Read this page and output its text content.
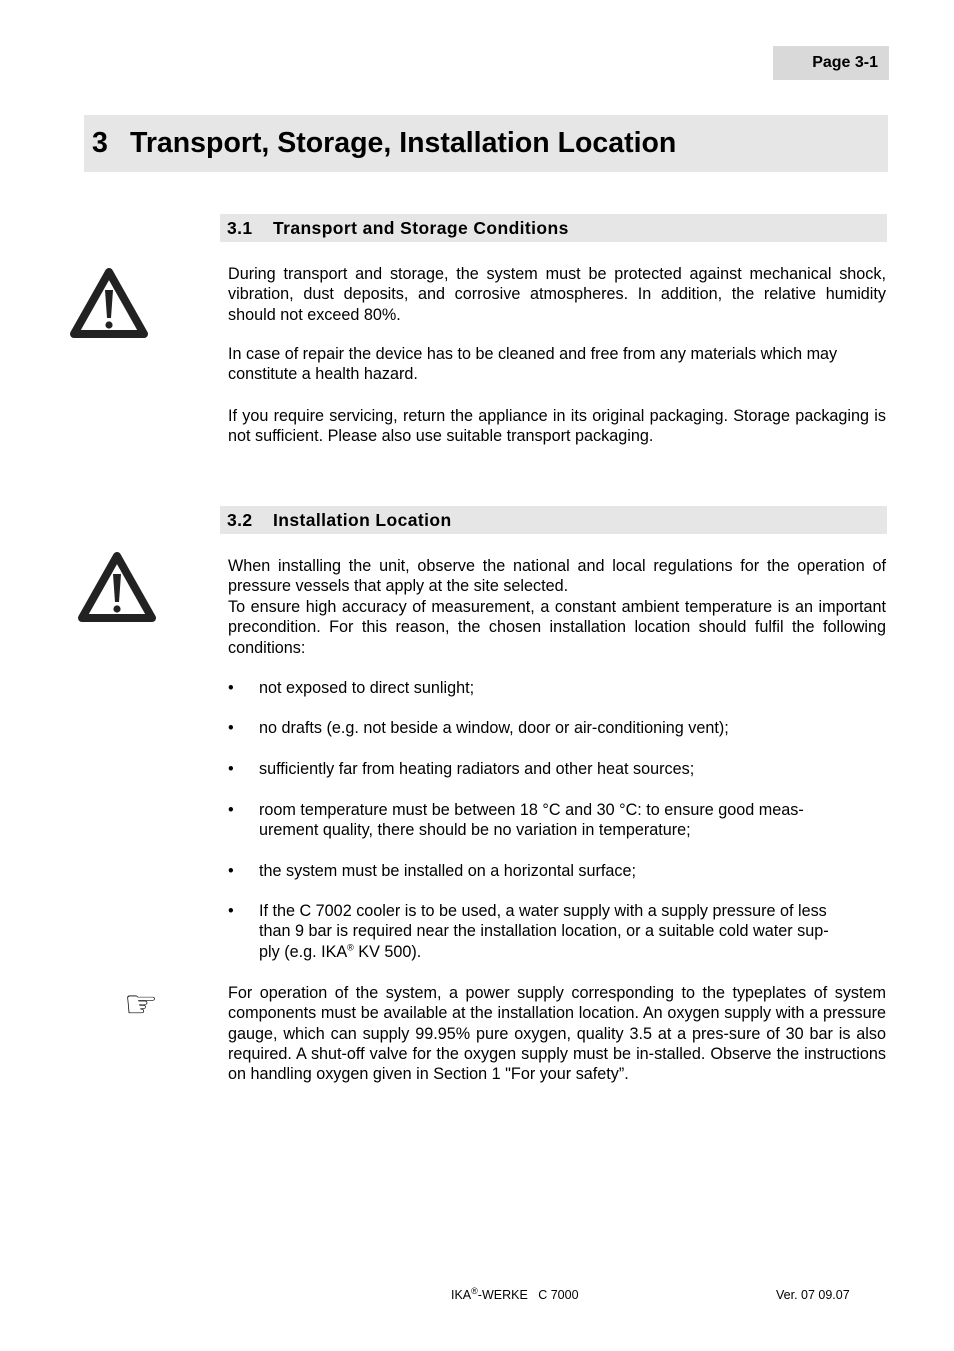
Page 3-1
3 Transport, Storage, Installation Location
3.1 Transport and Storage Conditions

During transport and storage, the system must be protected against mechanical shock, vibration, dust deposits, and corrosive atmospheres. In addition, the relative humidity should not exceed 80%.

In case of repair the device has to be cleaned and free from any materials which may constitute a health hazard.

If you require servicing, return the appliance in its original packaging. Storage packaging is not sufficient. Please also use suitable transport packaging.

3.2 Installation Location

When installing the unit, observe the national and local regulations for the operation of pressure vessels that apply at the site selected.

To ensure high accuracy of measurement, a constant ambient temperature is an important precondition. For this reason, the chosen installation location should fulfil the following conditions:

• not exposed to direct sunlight;
• no drafts (e.g. not beside a window, door or air-conditioning vent);
• sufficiently far from heating radiators and other heat sources;
• room temperature must be between 18 °C and 30 °C: to ensure good meas-urement quality, there should be no variation in temperature;
• the system must be installed on a horizontal surface;
• If the C 7002 cooler is to be used, a water supply with a supply pressure of less
than 9 bar is required near the installation location, or a suitable cold water sup-
ply (e.g. IKA® KV 500).
☞	For operation of the system, a power supply corresponding to the typeplates of system components must be available at the installation location. An oxygen supply with a pressure gauge, which can supply 99.95% pure oxygen, quality 3.5 at a pres-sure of 30 bar is also required. A shut-off valve for the oxygen supply must be in-stalled. Observe the instructions on handling oxygen given in Section 1 "For your safety”.

IKA®-WERKE C 7000	Ver. 07 09.07
